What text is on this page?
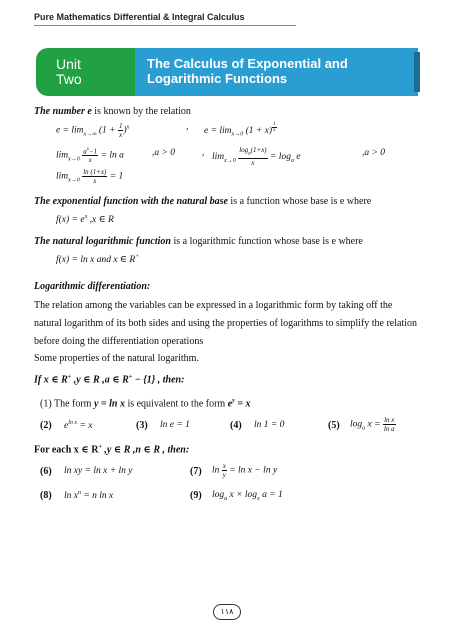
Pure Mathematics Differential & Integral Calculus
Unit
Two
The Calculus of Exponential and
Logarithmic Functions
The number e is known by the relation
$e = \lim_{x\to\infty} (1 + \frac{1}{x} )^x$	, $e = \lim_{x\to 0} (1 + x)$ $^{\frac{1}{x}}$
$\lim_{x\to 0} \frac{a^x-1}{x} = \ln a$	,a > 0	, $\lim_{x\to 0} \frac{\log_a(1+x)}{x} = \log_a e$	,a > 0
$\lim_{x\to 0} \frac{\ln (1+x)}{x} = 1$
The exponential function with the natural base is a function whose base is e where
$f(x) = e^x$ ,x ∈ R
The natural logarithmic function is a logarithmic function whose base is e where
f(x) = ln x and x ∈ R+
Logarithmic differentiation:
The relation among the variables can be expressed in a logarithmic form by taking off the
natural logarithm of its both sides and using the properties of logarithms to simplify the relation
before doing the differentiation operations
Some properties of the natural logarithm.
If x ∈ R+ ,y ∈ R ,a ∈ R+ − {1} , then:
(1) The form y = ln x is equivalent to the form $e^y = x$
(2) $e^{ln x} = x$	(3) ln e = 1	(4) ln 1 = 0	(5) $\log_a x = \frac{\text{ln x}}{\text{ln a}}$
For each x ∈ R+ ,y ∈ R ,n ∈ R , then:
(6) ln xy = ln x + ln y	(7) $\ln \frac{x}{y} = \ln x - \ln y$
(8) $\ln x^n = n$ ln x	(9) $\log_a x \times \log_x a = 1$
١١٨
